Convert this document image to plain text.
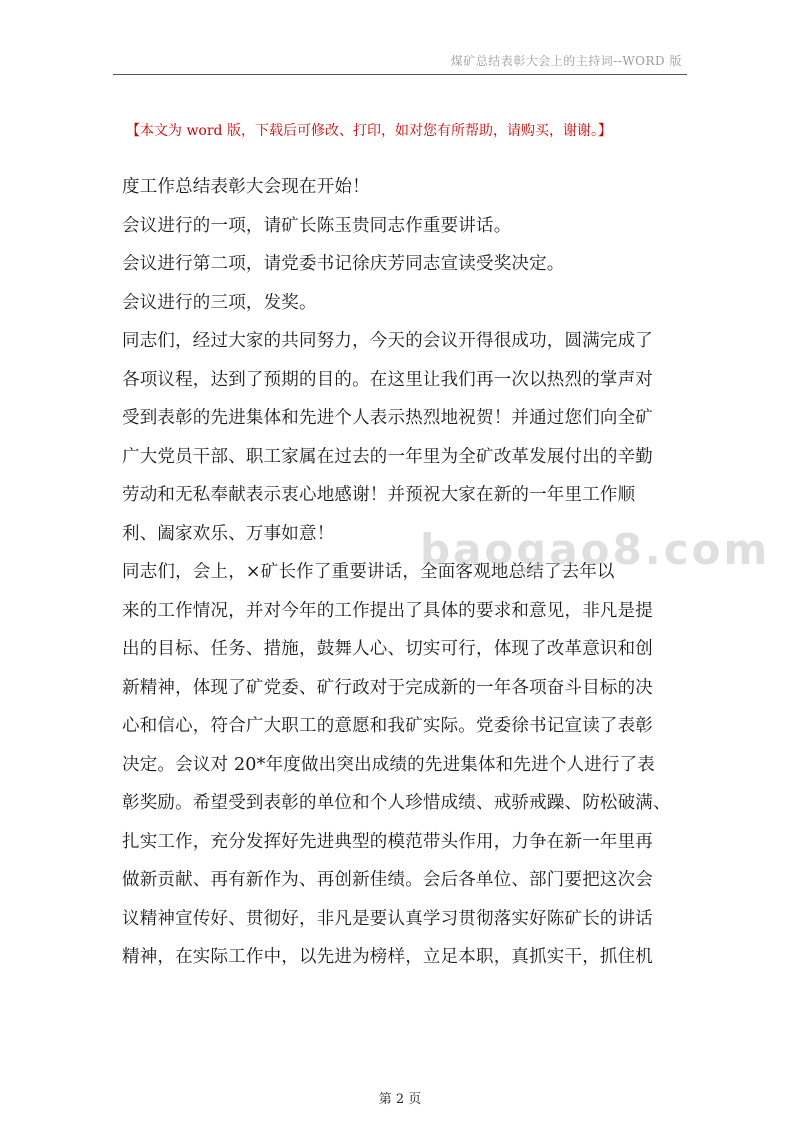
煤矿总结表彰大会上的主持词--WORD 版
【本文为 word 版，下载后可修改、打印，如对您有所帮助，请购买，谢谢。】
度工作总结表彰大会现在开始！
会议进行的一项，请矿长陈玉贵同志作重要讲话。
会议进行第二项，请党委书记徐庆芳同志宣读受奖决定。
会议进行的三项，发奖。
同志们，经过大家的共同努力，今天的会议开得很成功，圆满完成了
各项议程，达到了预期的目的。在这里让我们再一次以热烈的掌声对
受到表彰的先进集体和先进个人表示热烈地祝贺！并通过您们向全矿
广大党员干部、职工家属在过去的一年里为全矿改革发展付出的辛勤
劳动和无私奉献表示衷心地感谢！并预祝大家在新的一年里工作顺
利、阖家欢乐、万事如意！
同志们，会上，×矿长作了重要讲话，全面客观地总结了去年以
来的工作情况，并对今年的工作提出了具体的要求和意见，非凡是提
出的目标、任务、措施，鼓舞人心、切实可行，体现了改革意识和创
新精神，体现了矿党委、矿行政对于完成新的一年各项奋斗目标的决
心和信心，符合广大职工的意愿和我矿实际。党委徐书记宣读了表彰
决定。会议对 20*年度做出突出成绩的先进集体和先进个人进行了表
彰奖励。希望受到表彰的单位和个人珍惜成绩、戒骄戒躁、防松破满、
扎实工作，充分发挥好先进典型的模范带头作用，力争在新一年里再
做新贡献、再有新作为、再创新佳绩。会后各单位、部门要把这次会
议精神宣传好、贯彻好，非凡是要认真学习贯彻落实好陈矿长的讲话
精神，在实际工作中，以先进为榜样，立足本职，真抓实干，抓住机
baogao8.com
第 2 页
